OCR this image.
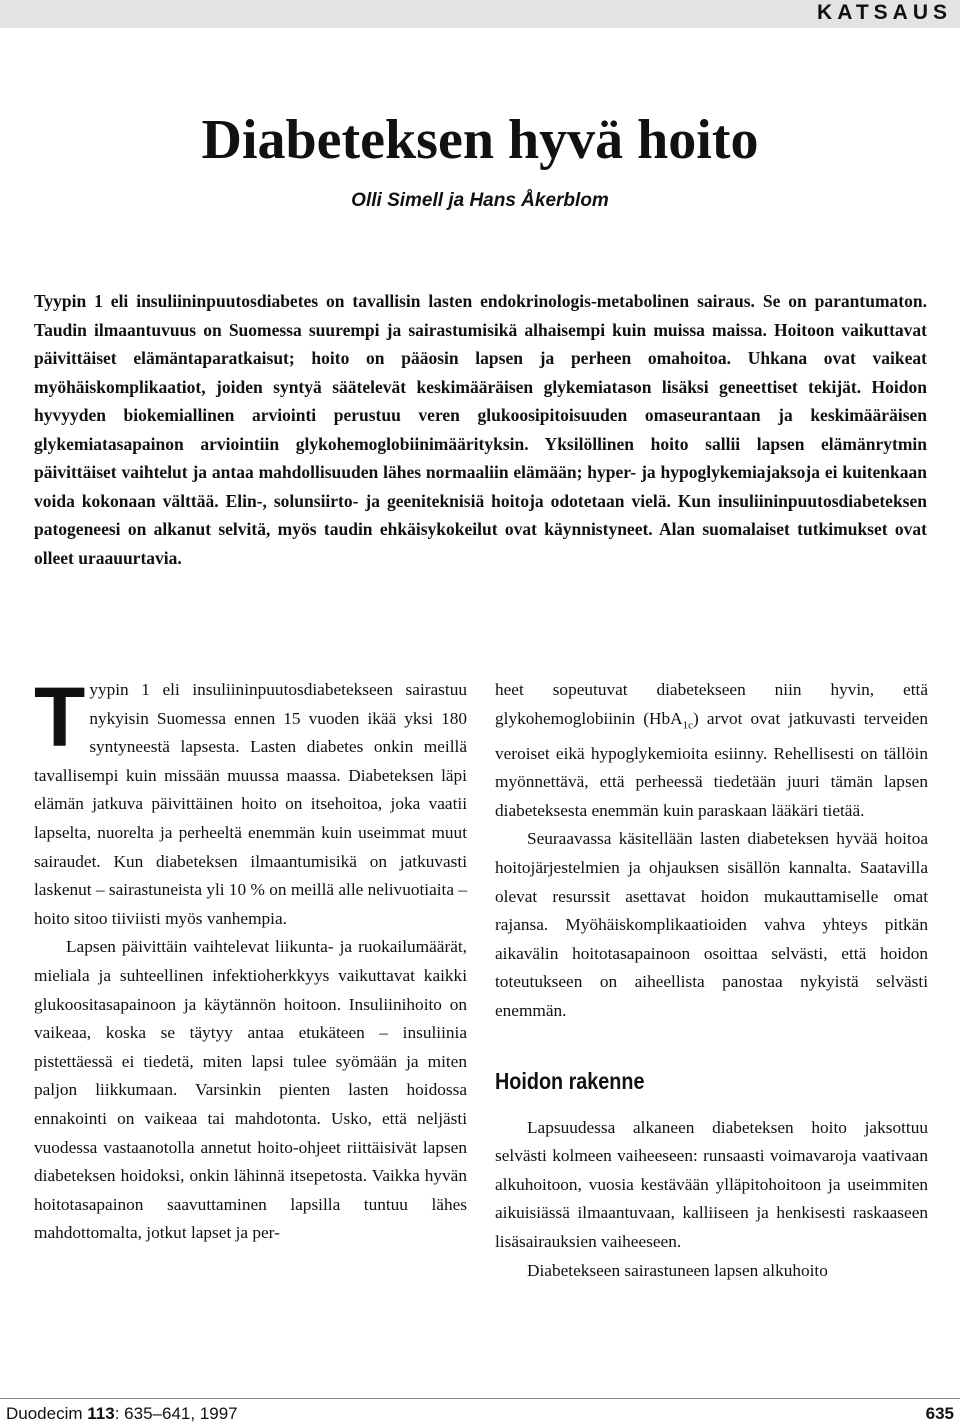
KATSAUS
Diabeteksen hyvä hoito
Olli Simell ja Hans Åkerblom

Tyypin 1 eli insuliininpuutosdiabetes on tavallisin lasten endokrinologis-metabolinen sairaus. Se on parantumaton. Taudin ilmaantuvuus on Suomessa suurempi ja sairastumisikä alhaisempi kuin muissa maissa. Hoitoon vaikuttavat päivittäiset elämäntaparatkaisut; hoito on pääosin lapsen ja perheen omahoitoa. Uhkana ovat vaikeat myöhäiskomplikaatiot, joiden syntyä säätelevät keskimääräisen glykemiatason lisäksi geneettiset tekijät. Hoidon hyvyyden biokemiallinen arviointi perustuu veren glukoosipitoisuuden omaseurantaan ja keskimääräisen glykemiatasapainon arviointiin glykohemoglobiinimäärityksin. Yksilöllinen hoito sallii lapsen elämänrytmin päivittäiset vaihtelut ja antaa mahdollisuuden lähes normaaliin elämään; hyper- ja hypoglykemiajaksoja ei kuitenkaan voida kokonaan välttää. Elin-, solunsiirto- ja geeniteknisiä hoitoja odotetaan vielä. Kun insuliininpuutosdiabeteksen patogeneesi on alkanut selvitä, myös taudin ehkäisykokeilut ovat käynnistyneet. Alan suomalaiset tutkimukset ovat olleet uraauurtavia.

Tyypin 1 eli insuliininpuutosdiabetekseen sairastuu nykyisin Suomessa ennen 15 vuoden ikää yksi 180 syntyneestä lapsesta. Lasten diabetes onkin meillä tavallisempi kuin missään muussa maassa. Diabeteksen läpi elämän jatkuva päivittäinen hoito on itsehoitoa, joka vaatii lapselta, nuorelta ja perheeltä enemmän kuin useimmat muut sairaudet. Kun diabeteksen ilmaantumisikä on jatkuvasti laskenut – sairastuneista yli 10 % on meillä alle nelivuotiaita – hoito sitoo tiiviisti myös vanhempia.

Lapsen päivittäin vaihtelevat liikunta- ja ruokailumäärät, mieliala ja suhteellinen infektioherkkyys vaikuttavat kaikki glukoositasapainoon ja käytännön hoitoon. Insuliinihoito on vaikeaa, koska se täytyy antaa etukäteen – insuliinia pistettäessä ei tiedetä, miten lapsi tulee syömään ja miten paljon liikkumaan. Varsinkin pienten lasten hoidossa ennakointi on vaikeaa tai mahdotonta. Usko, että neljästi vuodessa vastaanotolla annetut hoito-ohjeet riittäisivät lapsen diabeteksen hoidoksi, onkin lähinnä itsepetosta. Vaikka hyvän hoitotasapainon saavuttaminen lapsilla tuntuu lähes mahdottomalta, jotkut lapset ja per-

heet sopeutuvat diabetekseen niin hyvin, että glykohemoglobiinin (HbA$_{1c}$) arvot ovat jatkuvasti terveiden veroiset eikä hypoglykemioita esiinny. Rehellisesti on tällöin myönnettävä, että perheessä tiedetään juuri tämän lapsen diabeteksesta enemmän kuin paraskaan lääkäri tietää.

Seuraavassa käsitellään lasten diabeteksen hyvää hoitoa hoitojärjestelmien ja ohjauksen sisällön kannalta. Saatavilla olevat resurssit asettavat hoidon mukauttamiselle omat rajansa. Myöhäiskomplikaatioiden vahva yhteys pitkän aikavälin hoitotasapainoon osoittaa selvästi, että hoidon toteutukseen on aiheellista panostaa nykyistä selvästi enemmän.

Hoidon rakenne

Lapsuudessa alkaneen diabeteksen hoito jaksottuu selvästi kolmeen vaiheeseen: runsaasti voimavaroja vaativaan alkuhoitoon, vuosia kestävään ylläpitohoitoon ja useimmiten aikuisiässä ilmaantuvaan, kalliiseen ja henkisesti raskaaseen lisäsairauksien vaiheeseen.

Diabetekseen sairastuneen lapsen alkuhoito

Duodecim 113: 635–641, 1997	635
